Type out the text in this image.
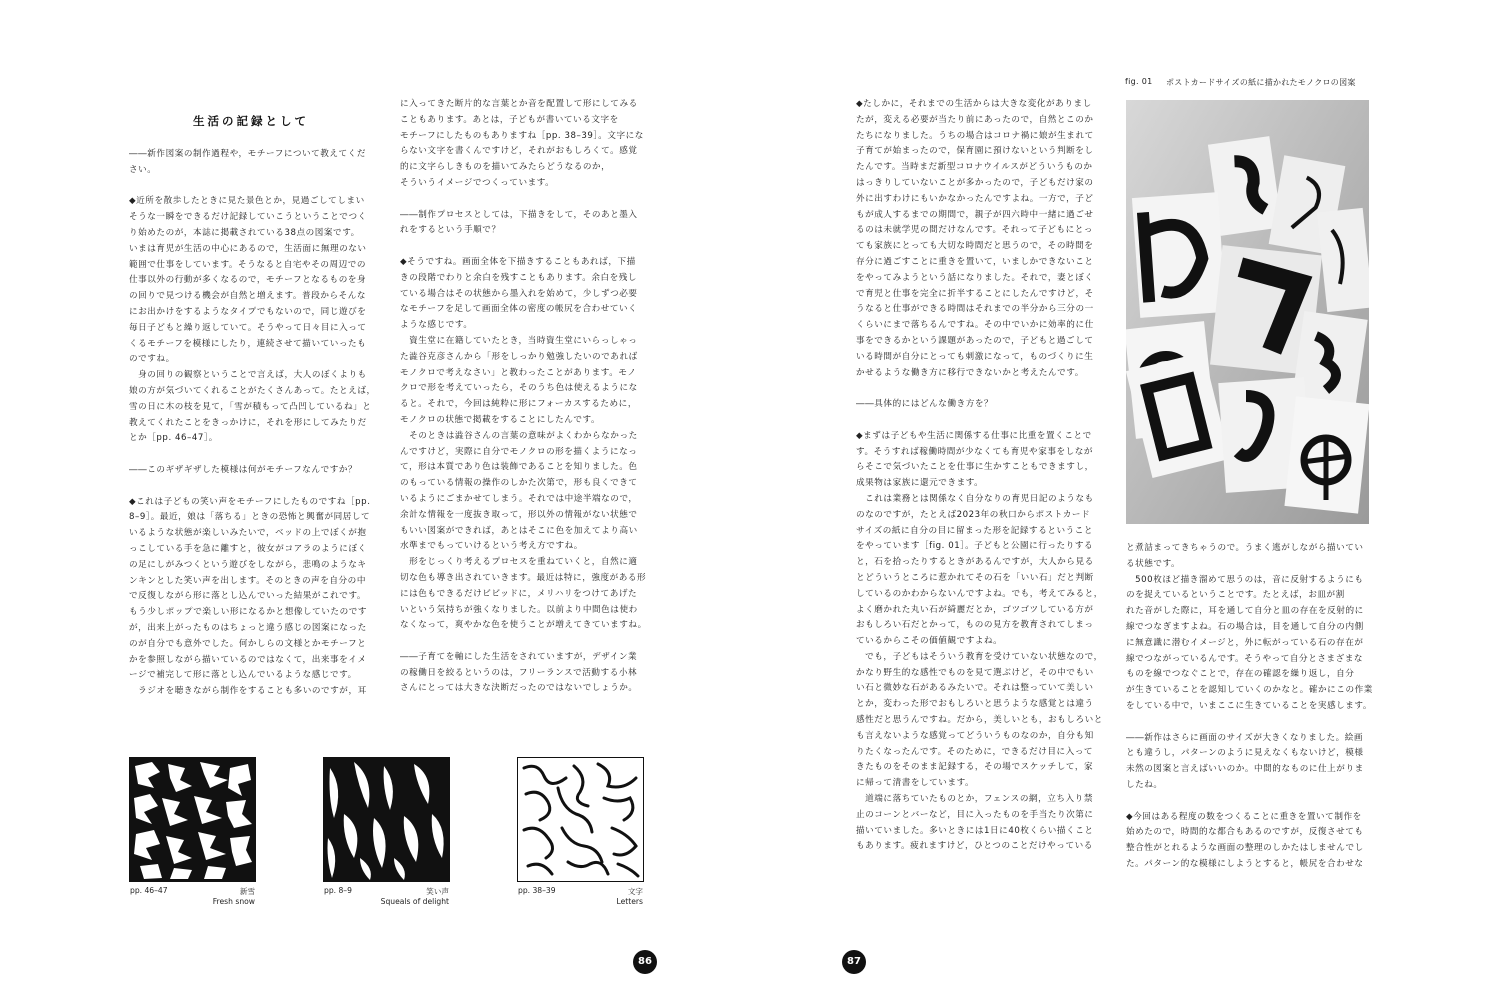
生活の記録として

――新作図案の制作過程や，モチーフについて教えてくだ

さい。

◆近所を散歩したときに見た景色とか，見過ごしてしまい

そうな一瞬をできるだけ記録していこうということでつく

り始めたのが，本誌に掲載されている38点の図案です。

いまは育児が生活の中心にあるので，生活面に無理のない

範囲で仕事をしています。そうなると自宅やその周辺での

仕事以外の行動が多くなるので，モチーフとなるものを身

の回りで見つける機会が自然と増えます。普段からそんな

にお出かけをするようなタイプでもないので，同じ遊びを

毎日子どもと繰り返していて。そうやって日々目に入って

くるモチーフを模様にしたり，連続させて描いていったも

のですね。

　身の回りの観察ということで言えば，大人のぼくよりも

娘の方が気づいてくれることがたくさんあって。たとえば，

雪の日に木の枝を見て，「雪が積もって凸凹しているね」と

教えてくれたことをきっかけに，それを形にしてみたりだ

とか［pp. 46–47］。

――このギザギザした模様は何がモチーフなんですか？

◆これは子どもの笑い声をモチーフにしたものですね［pp.

8–9］。最近，娘は「落ちる」ときの恐怖と興奮が同居して

いるような状態が楽しいみたいで，ベッドの上でぼくが抱

っこしている手を急に離すと，彼女がコアラのようにぼく

の足にしがみつくという遊びをしながら，悲鳴のようなキ

ンキンとした笑い声を出します。そのときの声を自分の中

で反復しながら形に落とし込んでいった結果がこれです。

もう少しポップで楽しい形になるかと想像していたのです

が，出来上がったものはちょっと違う感じの図案になった

のが自分でも意外でした。何かしらの文様とかモチーフと

かを参照しながら描いているのではなくて，出来事をイメ

ージで補完して形に落とし込んでいるような感じです。

　ラジオを聴きながら制作をすることも多いのですが，耳

に入ってきた断片的な言葉とか音を配置して形にしてみる

こともあります。あとは，子どもが書いている文字を

モチーフにしたものもありますね［pp. 38–39］。文字にな

らない文字を書くんですけど，それがおもしろくて。感覚

的に文字らしきものを描いてみたらどうなるのか，

そういうイメージでつくっています。

――制作プロセスとしては，下描きをして，そのあと墨入

れをするという手順で？

◆そうですね。画面全体を下描きすることもあれば，下描

きの段階でわりと余白を残すこともあります。余白を残し

ている場合はその状態から墨入れを始めて，少しずつ必要

なモチーフを足して画面全体の密度の帳尻を合わせていく

ような感じです。

　資生堂に在籍していたとき，当時資生堂にいらっしゃっ

た澁谷克彦さんから「形をしっかり勉強したいのであれば

モノクロで考えなさい」と教わったことがあります。モノ

クロで形を考えていったら，そのうち色は使えるようにな

ると。それで，今回は純粋に形にフォーカスするために，

モノクロの状態で掲載をすることにしたんです。

　そのときは澁谷さんの言葉の意味がよくわからなかった

んですけど，実際に自分でモノクロの形を描くようになっ

て，形は本質であり色は装飾であることを知りました。色

のもっている情報の操作のしかた次第で，形も良くできて

いるようにごまかせてしまう。それでは中途半端なので，

余計な情報を一度抜き取って，形以外の情報がない状態で

もいい図案ができれば，あとはそこに色を加えてより高い

水準までもっていけるという考え方ですね。

　形をじっくり考えるプロセスを重ねていくと，自然に適

切な色も導き出されていきます。最近は特に，強度がある形

には色もできるだけビビッドに，メリハリをつけてあげた

いという気持ちが強くなりました。以前より中間色は使わ

なくなって，爽やかな色を使うことが増えてきていますね。

――子育てを軸にした生活をされていますが，デザイン業

の稼働日を絞るというのは，フリーランスで活動する小林

さんにとっては大きな決断だったのではないでしょうか。

pp. 46–47	新雪
Fresh snow
pp. 8–9	笑い声
Squeals of delight
pp. 38–39	文字
Letters
86
fig. 01 ポストカードサイズの紙に描かれたモノクロの図案

◆たしかに，それまでの生活からは大きな変化がありまし

たが，変える必要が当たり前にあったので，自然とこのか

たちになりました。うちの場合はコロナ禍に娘が生まれて

子育てが始まったので，保育園に預けないという判断をし

たんです。当時まだ新型コロナウイルスがどういうものか

はっきりしていないことが多かったので，子どもだけ家の

外に出すわけにもいかなかったんですよね。一方で，子ど

もが成人するまでの期間で，親子が四六時中一緒に過ごせ

るのは未就学児の間だけなんです。それって子どもにとっ

ても家族にとっても大切な時間だと思うので，その時間を

存分に過ごすことに重きを置いて，いましかできないこと

をやってみようという話になりました。それで，妻とぼく

で育児と仕事を完全に折半することにしたんですけど，そ

うなると仕事ができる時間はそれまでの半分から三分の一

くらいにまで落ちるんですね。その中でいかに効率的に仕

事をできるかという課題があったので，子どもと過ごして

いる時間が自分にとっても刺激になって，ものづくりに生

かせるような働き方に移行できないかと考えたんです。

――具体的にはどんな働き方を？

◆まずは子どもや生活に関係する仕事に比重を置くことで

す。そうすれば稼働時間が少なくても育児や家事をしなが

らそこで気づいたことを仕事に生かすこともできますし，

成果物は家族に還元できます。

　これは業務とは関係なく自分なりの育児日記のようなも

のなのですが，たとえば2023年の秋口からポストカード

サイズの紙に自分の目に留まった形を記録するということ

をやっています［fig. 01］。子どもと公園に行ったりする

と，石を拾ったりするときがあるんですが，大人から見る

とどういうところに惹かれてその石を「いい石」だと判断

しているのかわからないんですよね。でも，考えてみると，

よく磨かれた丸い石が綺麗だとか，ゴツゴツしている方が

おもしろい石だとかって，ものの見方を教育されてしまっ

ているからこその価値観ですよね。

　でも，子どもはそういう教育を受けていない状態なので，

かなり野生的な感性でものを見て選ぶけど，その中でもい

い石と微妙な石があるみたいで。それは整っていて美しい

とか，変わった形でおもしろいと思うような感覚とは違う

感性だと思うんですね。だから，美しいとも，おもしろいと

も言えないような感覚ってどういうものなのか，自分も知

りたくなったんです。そのために，できるだけ目に入って

きたものをそのまま記録する，その場でスケッチして，家

に帰って清書をしています。

　道端に落ちていたものとか，フェンスの網，立ち入り禁

止のコーンとバーなど，目に入ったものを手当たり次第に

描いていました。多いときには1日に40枚くらい描くこと

もあります。疲れますけど，ひとつのことだけやっている

と煮詰まってきちゃうので。うまく逃がしながら描いてい

る状態です。

　500枚ほど描き溜めて思うのは，音に反射するようにも

のを捉えているということです。たとえば，お皿が割

れた音がした際に，耳を通して自分と皿の存在を反射的に

線でつなぎますよね。石の場合は，目を通して自分の内側

に無意識に潜むイメージと，外に転がっている石の存在が

線でつながっているんです。そうやって自分とさまざまな

ものを線でつなぐことで，存在の確認を繰り返し，自分

が生きていることを認知していくのかなと。確かにこの作業

をしている中で，いまここに生きていることを実感します。

――新作はさらに画面のサイズが大きくなりました。絵画

とも違うし，パターンのように見えなくもないけど，模様

未然の図案と言えばいいのか。中間的なものに仕上がりま

したね。

◆今回はある程度の数をつくることに重きを置いて制作を

始めたので，時間的な都合もあるのですが，反復させても

整合性がとれるような画面の整理のしかたはしませんでし

た。パターン的な模様にしようとすると，帳尻を合わせな

87
